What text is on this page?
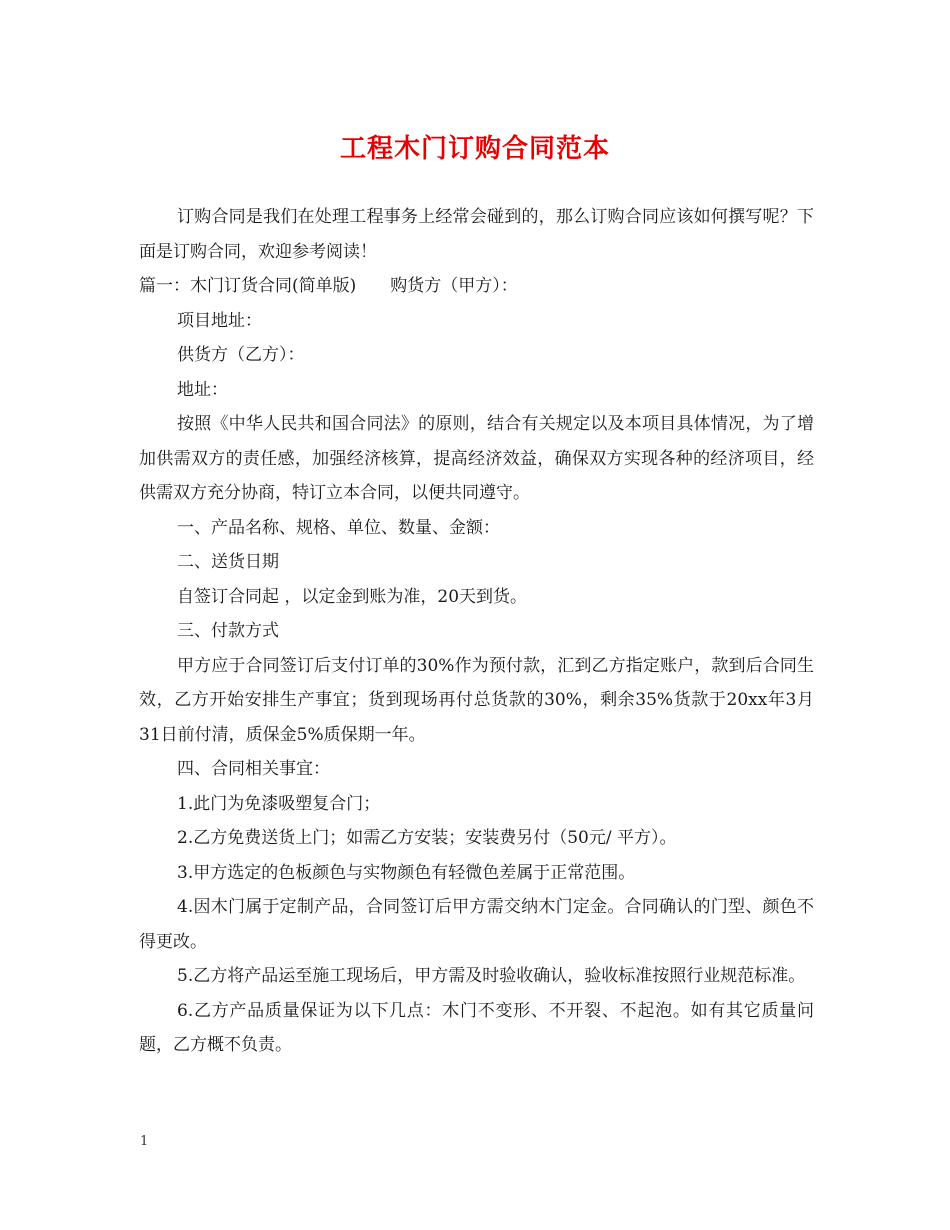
工程木门订购合同范本

订购合同是我们在处理工程事务上经常会碰到的，那么订购合同应该如何撰写呢？下面是订购合同，欢迎参考阅读！

篇一：木门订货合同(简单版) 购货方（甲方）：

项目地址：

供货方（乙方）：

地址：

按照《中华人民共和国合同法》的原则，结合有关规定以及本项目具体情况，为了增加供需双方的责任感，加强经济核算，提高经济效益，确保双方实现各种的经济项目，经供需双方充分协商，特订立本合同，以便共同遵守。

一、产品名称、规格、单位、数量、金额：

二、送货日期

自签订合同起 ，以定金到账为准，20天到货。

三、付款方式

甲方应于合同签订后支付订单的30%作为预付款，汇到乙方指定账户，款到后合同生效，乙方开始安排生产事宜；货到现场再付总货款的30%，剩余35%货款于20xx年3月31日前付清，质保金5%质保期一年。

四、合同相关事宜：

1.此门为免漆吸塑复合门；

2.乙方免费送货上门；如需乙方安装；安装费另付（50元/ 平方）。

3.甲方选定的色板颜色与实物颜色有轻微色差属于正常范围。

4.因木门属于定制产品，合同签订后甲方需交纳木门定金。合同确认的门型、颜色不得更改。

5.乙方将产品运至施工现场后，甲方需及时验收确认，验收标准按照行业规范标准。

6.乙方产品质量保证为以下几点：木门不变形、不开裂、不起泡。如有其它质量问题，乙方概不负责。

1
